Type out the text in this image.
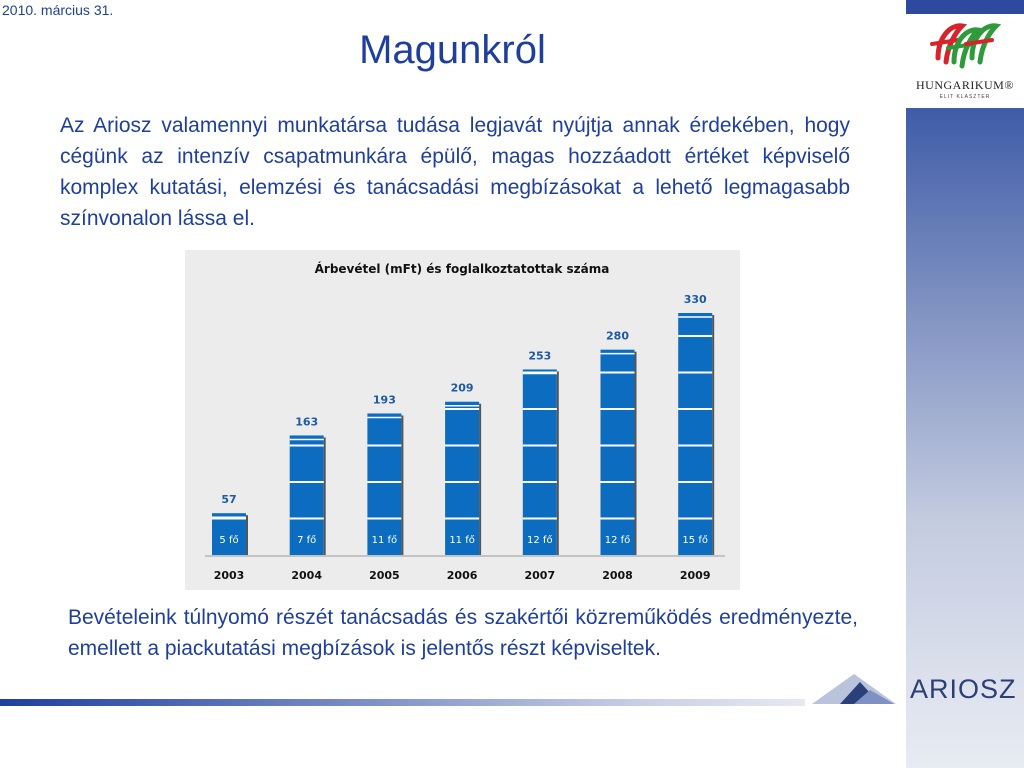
HUNGARIKUM®
ELIT KLASZTER
2010. március 31.
Magunkról
Az Ariosz valamennyi munkatársa tudása legjavát nyújtja annak érdekében, hogy cégünk az intenzív csapatmunkára épülő, magas hozzáadott értéket képviselő komplex kutatási, elemzési és tanácsadási megbízásokat a lehető legmagasabb színvonalon lássa el.
Árbevétel (mFt) és foglalkoztatottak száma
57
5 fő
2003
163
7 fő
2004
193
11 fő
2005
209
11 fő
2006
253
12 fő
2007
280
12 fő
2008
330
15 fő
2009
Bevételeink túlnyomó részét tanácsadás és szakértői közreműködés eredményezte, emellett a piackutatási megbízások is jelentős részt képviseltek.
ARIOSZ
